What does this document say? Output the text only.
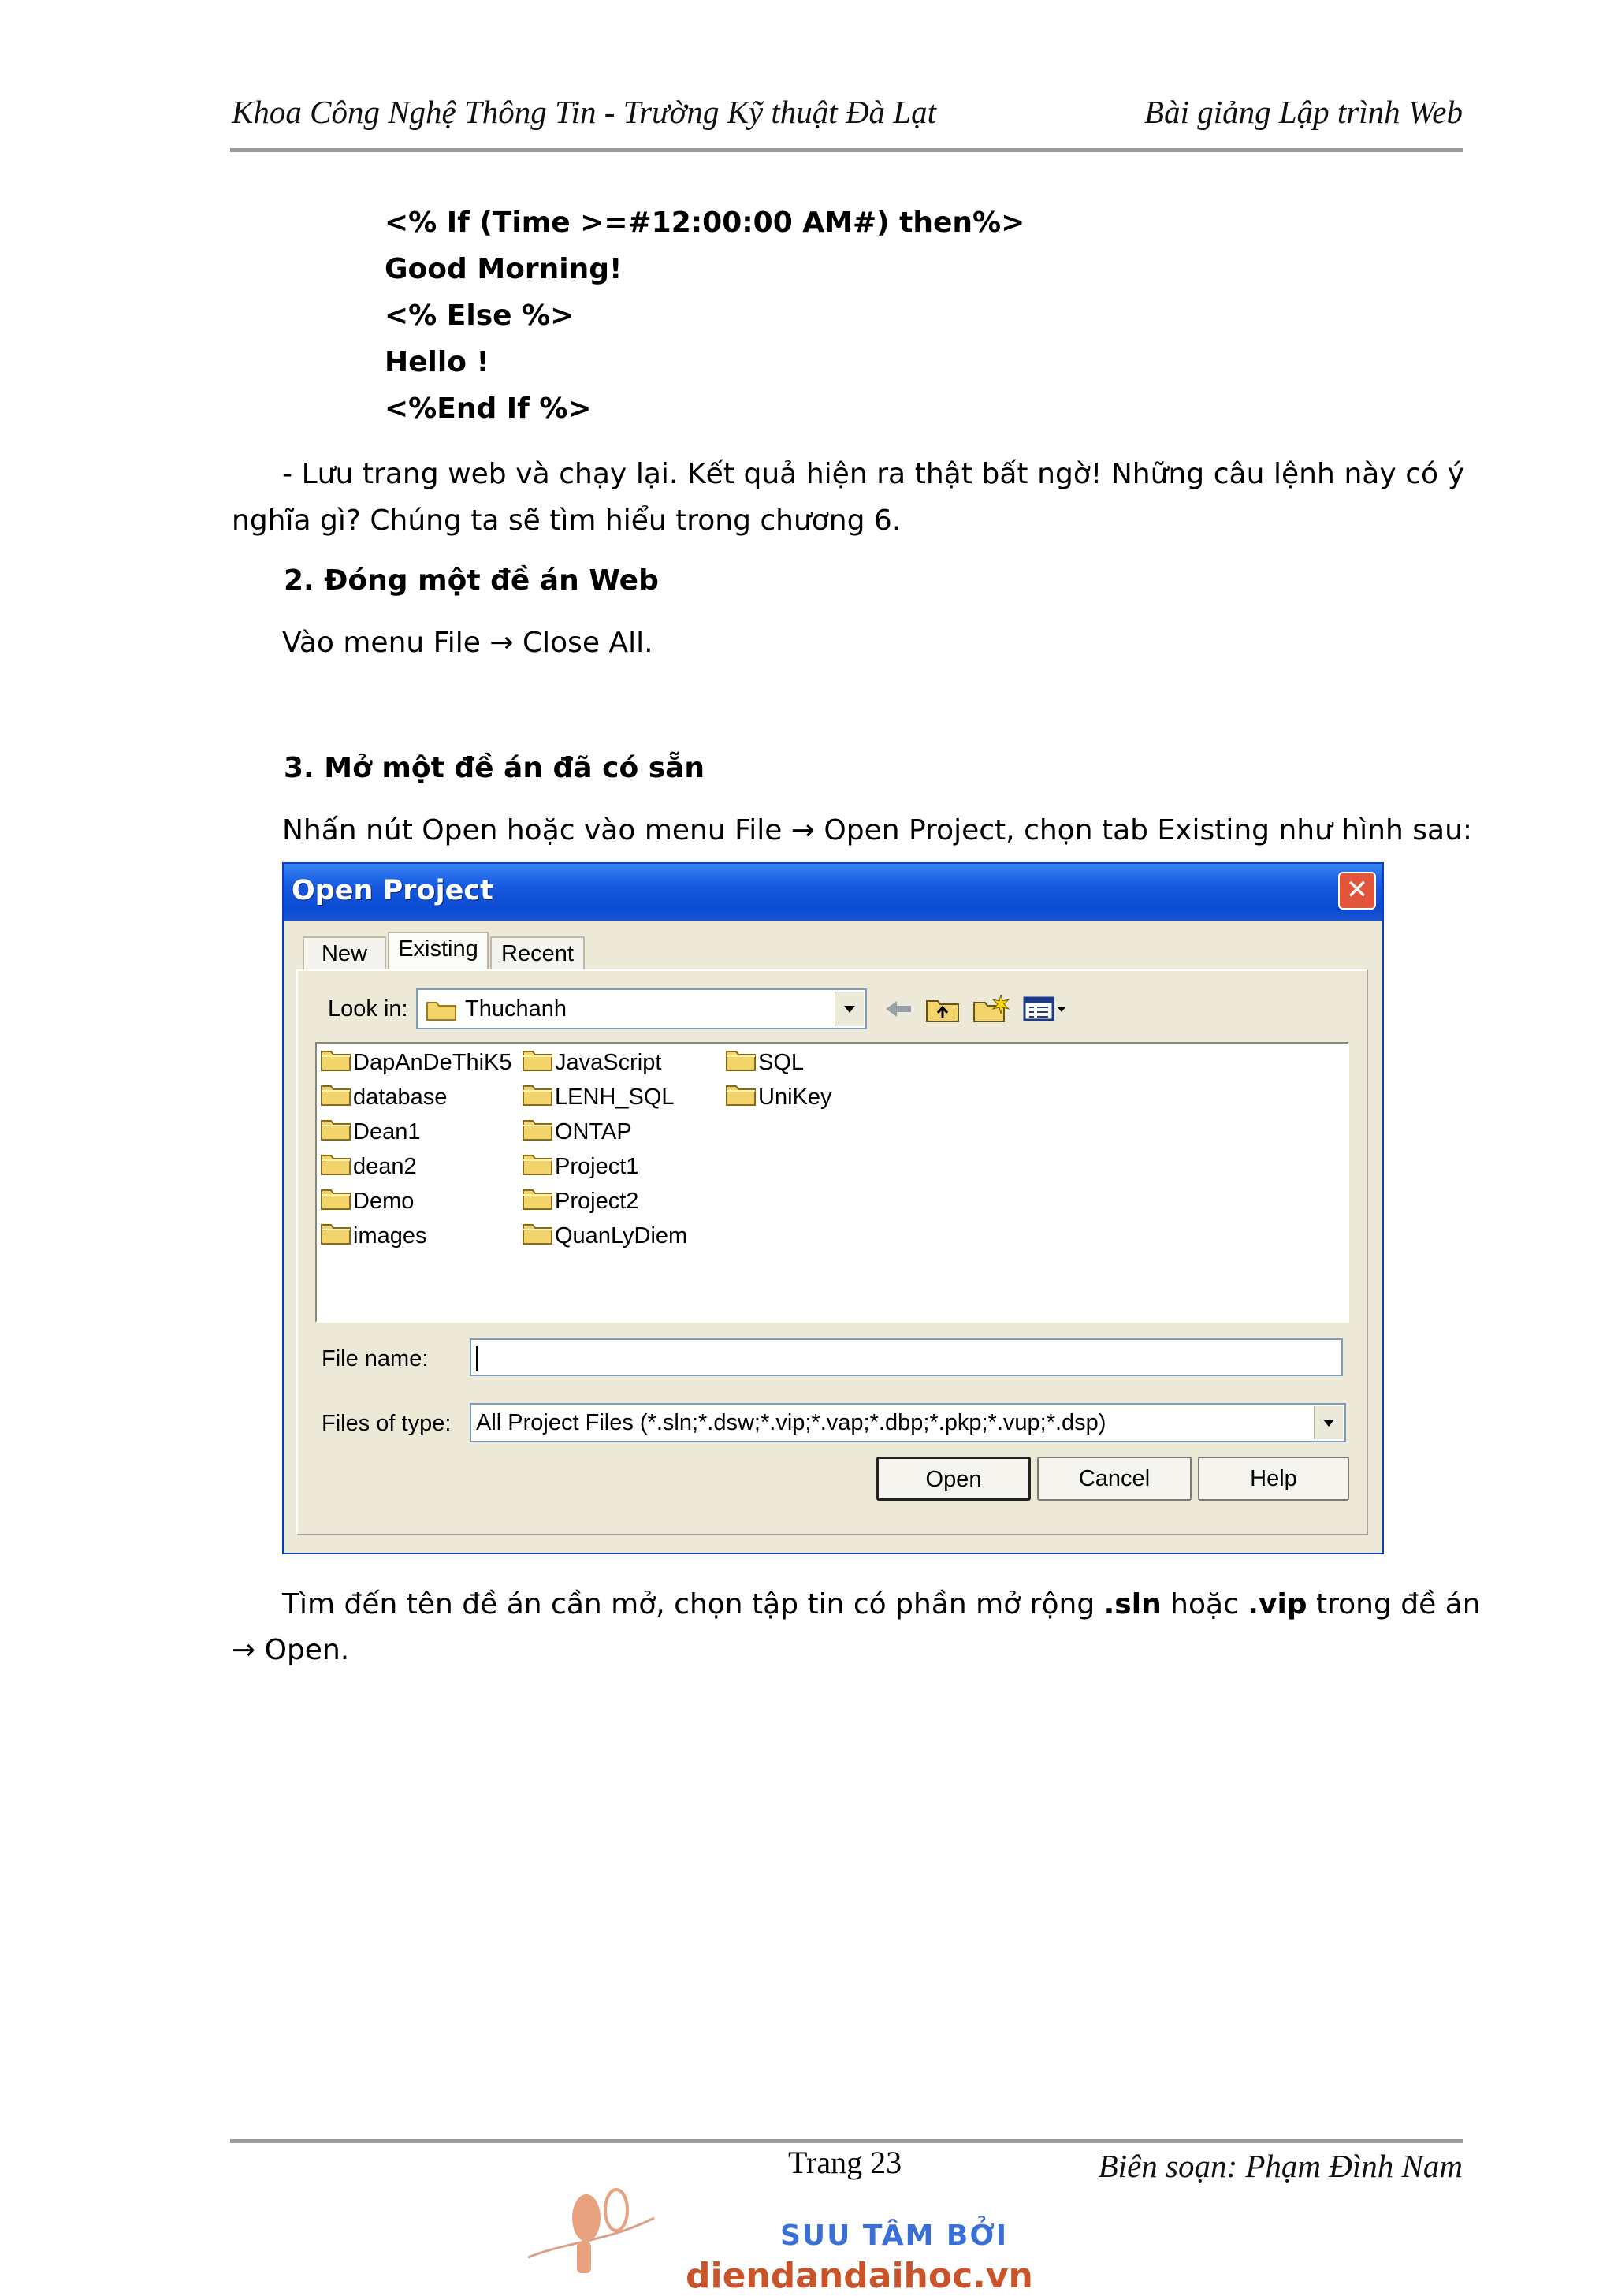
Khoa Công Nghệ Thông Tin - Trường Kỹ thuật Đà Lạt	Bài giảng Lập trình Web
<% If (Time >=#12:00:00 AM#) then%>
Good Morning!
<% Else %>
Hello !
<%End If %>
- Lưu trang web và chạy lại. Kết quả hiện ra thật bất ngờ! Những câu lệnh này có ý
nghĩa gì? Chúng ta sẽ tìm hiểu trong chương 6.
2. Đóng một đề án Web
Vào menu File → Close All.
3. Mở một đề án đã có sẵn
Nhấn nút Open hoặc vào menu File → Open Project, chọn tab Existing như hình sau:
Open Project	✕
New	Existing	Recent
Look in: Thuchanh
DapAnDeThiK5
database
Dean1
dean2
Demo
images
JavaScript
LENH_SQL
ONTAP
Project1
Project2
QuanLyDiem
SQL
UniKey
File name:
Files of type: All Project Files (*.sln;*.dsw;*.vip;*.vap;*.dbp;*.pkp;*.vup;*.dsp)
Open	Cancel	Help
Tìm đến tên đề án cần mở, chọn tập tin có phần mở rộng .sln hoặc .vip trong đề án
→ Open.
Trang 23	Biên soạn: Phạm Đình Nam
SUU TÂM BỞI
diendandaihoc.vn
